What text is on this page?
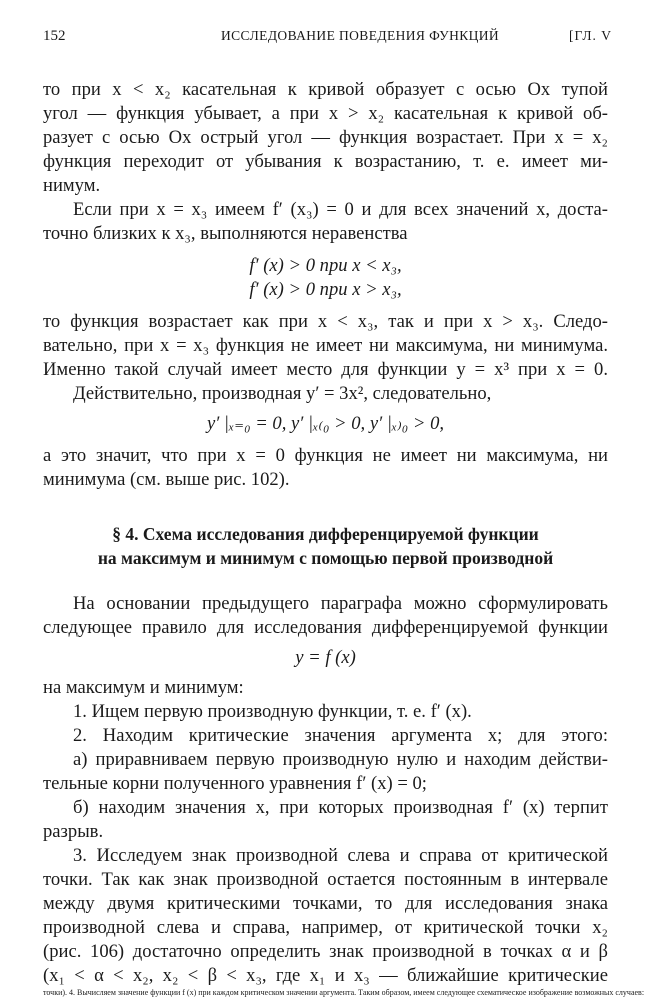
152	ИССЛЕДОВАНИЕ ПОВЕДЕНИЯ ФУНКЦИЙ	[ГЛ. V
то при x < x₂ касательная к кривой образует с осью Ox тупой
угол — функция убывает, а при x > x₂ касательная к кривой об-
разует с осью Ox острый угол — функция возрастает. При x = x₂
функция переходит от убывания к возрастанию, т. е. имеет ми-
нимум.
Если при x = x₃ имеем f′ (x₃) = 0 и для всех значений x, доста-
точно близких к x₃, выполняются неравенства
f′ (x) > 0 при x < x₃,
f′ (x) > 0 при x > x₃,
то функция возрастает как при x < x₃, так и при x > x₃. Следо-
вательно, при x = x₃ функция не имеет ни максимума, ни минимума.
Именно такой случай имеет место для функции y = x³ при x = 0.
Действительно, производная y′ = 3x², следовательно,
y′ |ₓ₌₀ = 0, y′ |ₓ₍₀ > 0, y′ |ₓ₎₀ > 0,
а это значит, что при x = 0 функция не имеет ни максимума, ни
минимума (см. выше рис. 102).
§ 4. Схема исследования дифференцируемой функции
на максимум и минимум с помощью первой производной
На основании предыдущего параграфа можно сформулировать
следующее правило для исследования дифференцируемой функции
y = f (x)
на максимум и минимум:
1. Ищем первую производную функции, т. е. f′ (x).
2. Находим критические значения аргумента x; для этого:
а) приравниваем первую производную нулю и находим действи-
тельные корни полученного уравнения f′ (x) = 0;
б) находим значения x, при которых производная f′ (x) терпит
разрыв.
3. Исследуем знак производной слева и справа от критической
точки. Так как знак производной остается постоянным в интервале
между двумя критическими точками, то для исследования знака
производной слева и справа, например, от критической точки x₂
(рис. 106) достаточно определить знак производной в точках α и β
(x₁ < α < x₂, x₂ < β < x₃, где x₁ и x₃ — ближайшие критические
точки). 4. Вычисляем значение функции f (x) при каждом критическом значении аргумента. Таким образом, имеем следующее схематическое изображение возможных случаев:
